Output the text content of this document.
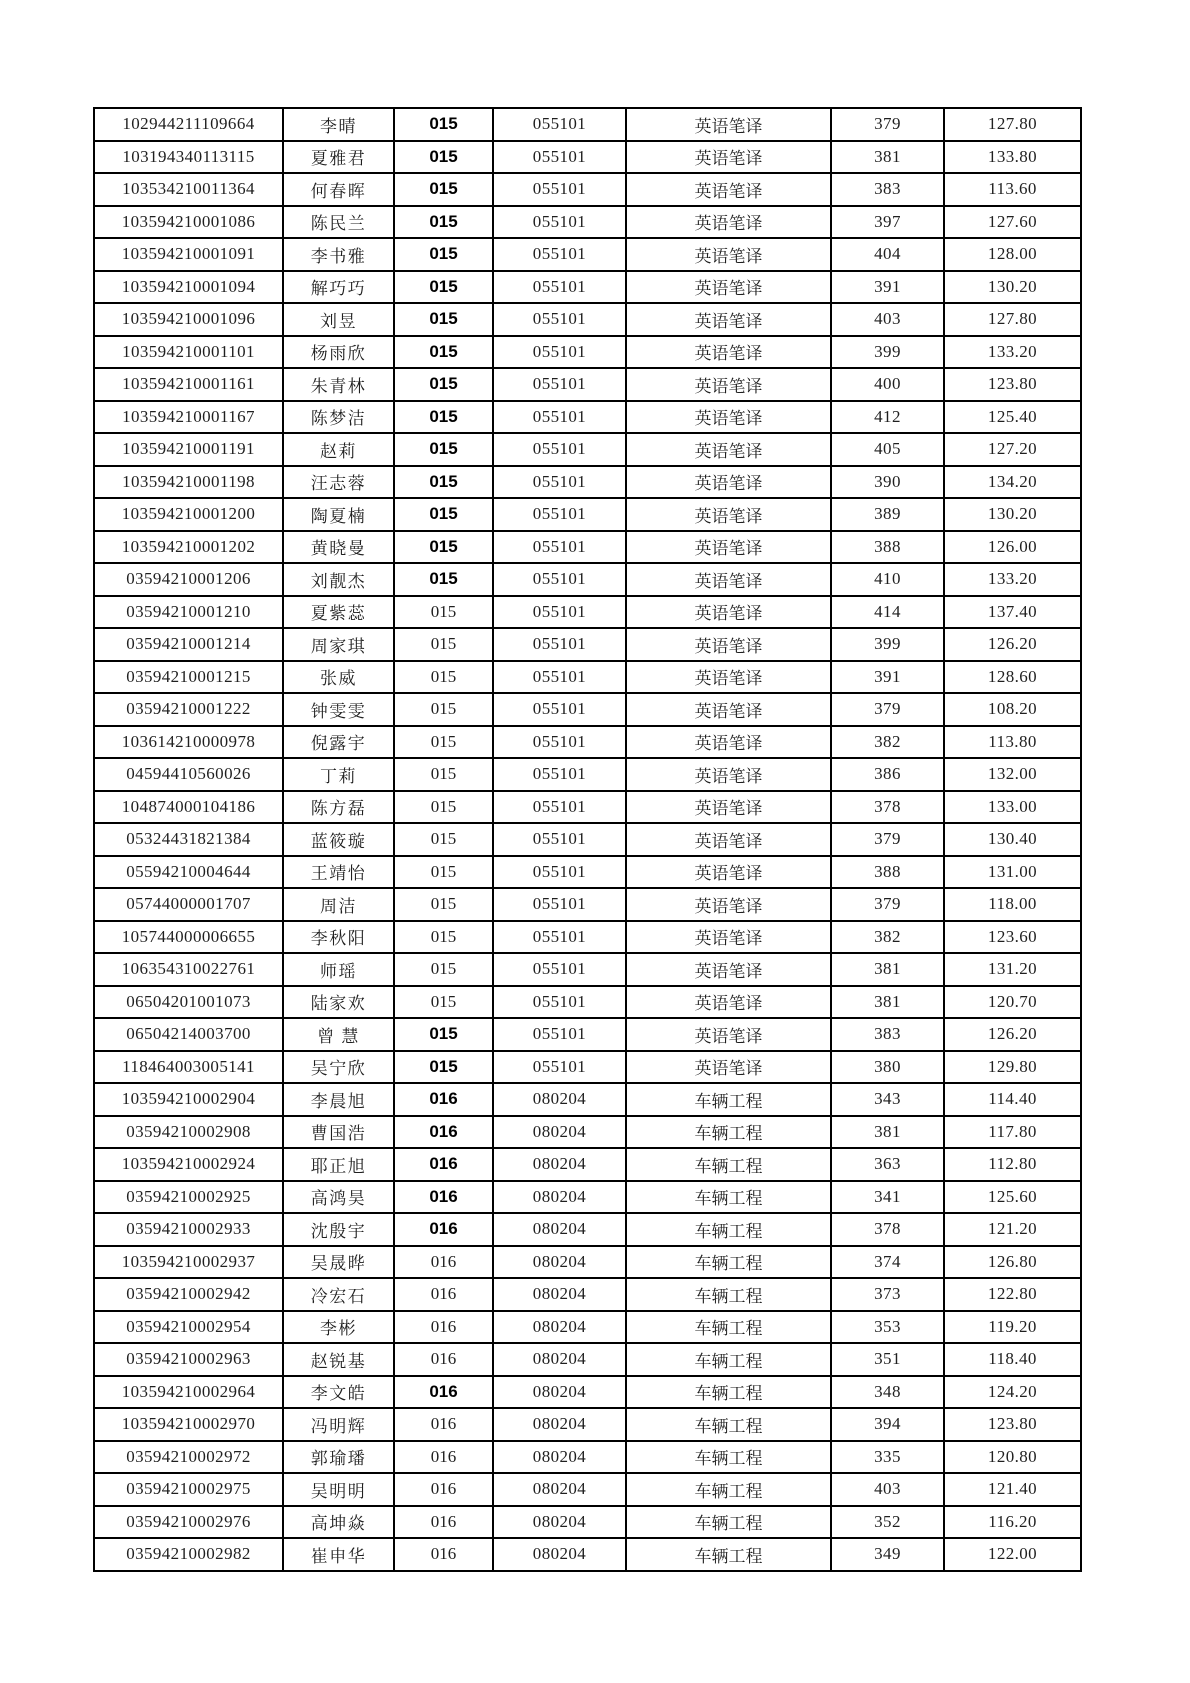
102944211109664	李晴	015	055101	英语笔译	379	127.80
103194340113115	夏雅君	015	055101	英语笔译	381	133.80
103534210011364	何春晖	015	055101	英语笔译	383	113.60
103594210001086	陈民兰	015	055101	英语笔译	397	127.60
103594210001091	李书雅	015	055101	英语笔译	404	128.00
103594210001094	解巧巧	015	055101	英语笔译	391	130.20
103594210001096	刘昱	015	055101	英语笔译	403	127.80
103594210001101	杨雨欣	015	055101	英语笔译	399	133.20
103594210001161	朱青林	015	055101	英语笔译	400	123.80
103594210001167	陈梦洁	015	055101	英语笔译	412	125.40
103594210001191	赵莉	015	055101	英语笔译	405	127.20
103594210001198	汪志蓉	015	055101	英语笔译	390	134.20
103594210001200	陶夏楠	015	055101	英语笔译	389	130.20
103594210001202	黄晓曼	015	055101	英语笔译	388	126.00
03594210001206	刘靓杰	015	055101	英语笔译	410	133.20
03594210001210	夏紫蕊	015	055101	英语笔译	414	137.40
03594210001214	周家琪	015	055101	英语笔译	399	126.20
03594210001215	张威	015	055101	英语笔译	391	128.60
03594210001222	钟雯雯	015	055101	英语笔译	379	108.20
103614210000978	倪露宇	015	055101	英语笔译	382	113.80
04594410560026	丁莉	015	055101	英语笔译	386	132.00
104874000104186	陈方磊	015	055101	英语笔译	378	133.00
05324431821384	蓝筱璇	015	055101	英语笔译	379	130.40
05594210004644	王靖怡	015	055101	英语笔译	388	131.00
05744000001707	周洁	015	055101	英语笔译	379	118.00
105744000006655	李秋阳	015	055101	英语笔译	382	123.60
106354310022761	师瑶	015	055101	英语笔译	381	131.20
06504201001073	陆家欢	015	055101	英语笔译	381	120.70
06504214003700	曾 慧	015	055101	英语笔译	383	126.20
118464003005141	吴宁欣	015	055101	英语笔译	380	129.80
103594210002904	李晨旭	016	080204	车辆工程	343	114.40
03594210002908	曹国浩	016	080204	车辆工程	381	117.80
103594210002924	耶正旭	016	080204	车辆工程	363	112.80
03594210002925	高鸿昊	016	080204	车辆工程	341	125.60
03594210002933	沈殷宇	016	080204	车辆工程	378	121.20
103594210002937	吴晟晔	016	080204	车辆工程	374	126.80
03594210002942	冷宏石	016	080204	车辆工程	373	122.80
03594210002954	李彬	016	080204	车辆工程	353	119.20
03594210002963	赵锐基	016	080204	车辆工程	351	118.40
103594210002964	李文皓	016	080204	车辆工程	348	124.20
103594210002970	冯明辉	016	080204	车辆工程	394	123.80
03594210002972	郭瑜璠	016	080204	车辆工程	335	120.80
03594210002975	吴明明	016	080204	车辆工程	403	121.40
03594210002976	高坤焱	016	080204	车辆工程	352	116.20
03594210002982	崔申华	016	080204	车辆工程	349	122.00
